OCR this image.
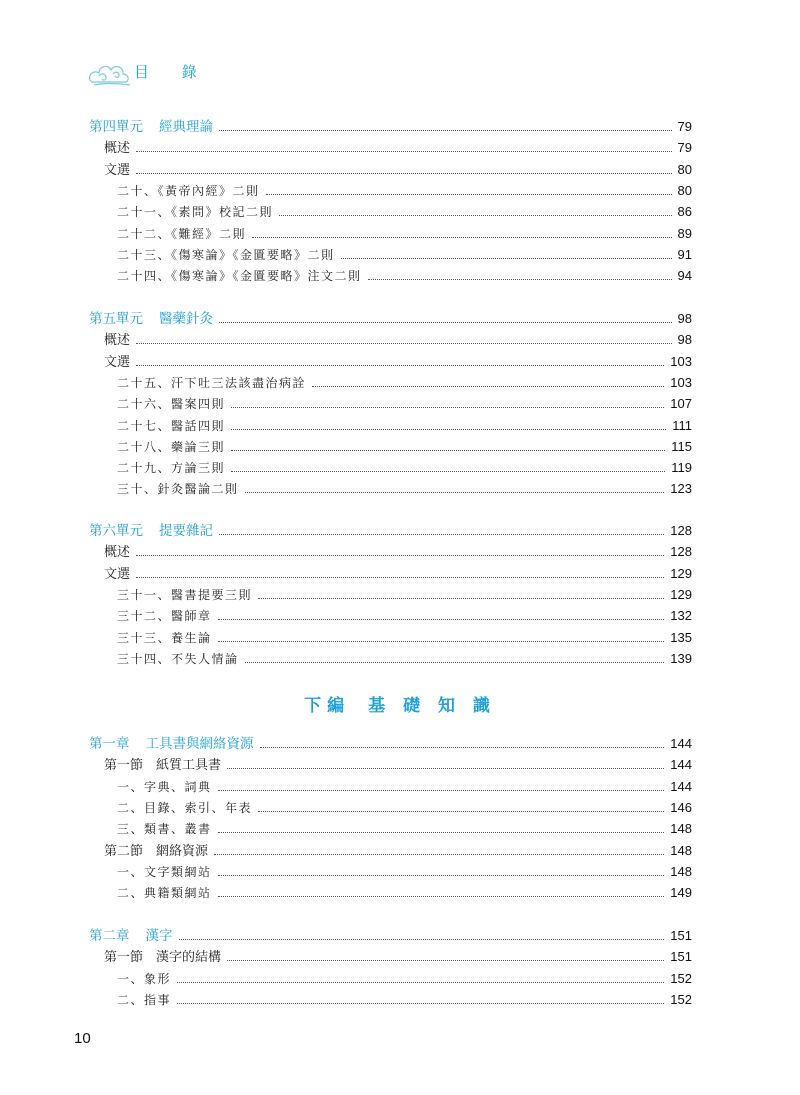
目 錄
第四單元 經典理論	79
概述	79
文選	80
二十、《黃帝內經》二則	80
二十一、《素問》校記二則	86
二十二、《難經》二則	89
二十三、《傷寒論》《金匱要略》二則	91
二十四、《傷寒論》《金匱要略》注文二則	94
第五單元 醫藥針灸	98
概述	98
文選	103
二十五、汗下吐三法該盡治病詮	103
二十六、醫案四則	107
二十七、醫話四則	111
二十八、藥論三則	115
二十九、方論三則	119
三十、針灸醫論二則	123
第六單元 提要雜記	128
概述	128
文選	129
三十一、醫書提要三則	129
三十二、醫師章	132
三十三、養生論	135
三十四、不失人情論	139
第一章 工具書與網絡資源	144
第一節　紙質工具書	144
一、字典、詞典	144
二、目錄、索引、年表	146
三、類書、叢書	148
第二節　網絡資源	148
一、文字類網站	148
二、典籍類網站	149
第二章 漢字	151
第一節　漢字的結構	151
一、象形	152
二、指事	152
下編 基 礎 知 識
10
